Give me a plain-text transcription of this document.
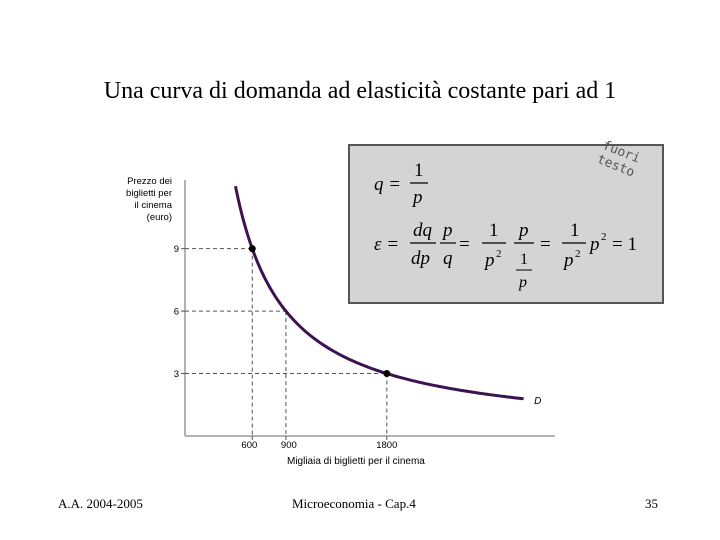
Una curva di domanda ad elasticità costante pari ad 1
9
6
3
600 900	1800
D
Prezzo dei
biglietti per
il cinema
(euro)
Migliaia di biglietti per il cinema
q =
1
p
ε =
dq
dp
p
q
=
1
p 2
p
1
p
=
1
p 2 p 2 = 1
fuori testo
A.A. 2004-2005	Microeconomia - Cap.4	35
